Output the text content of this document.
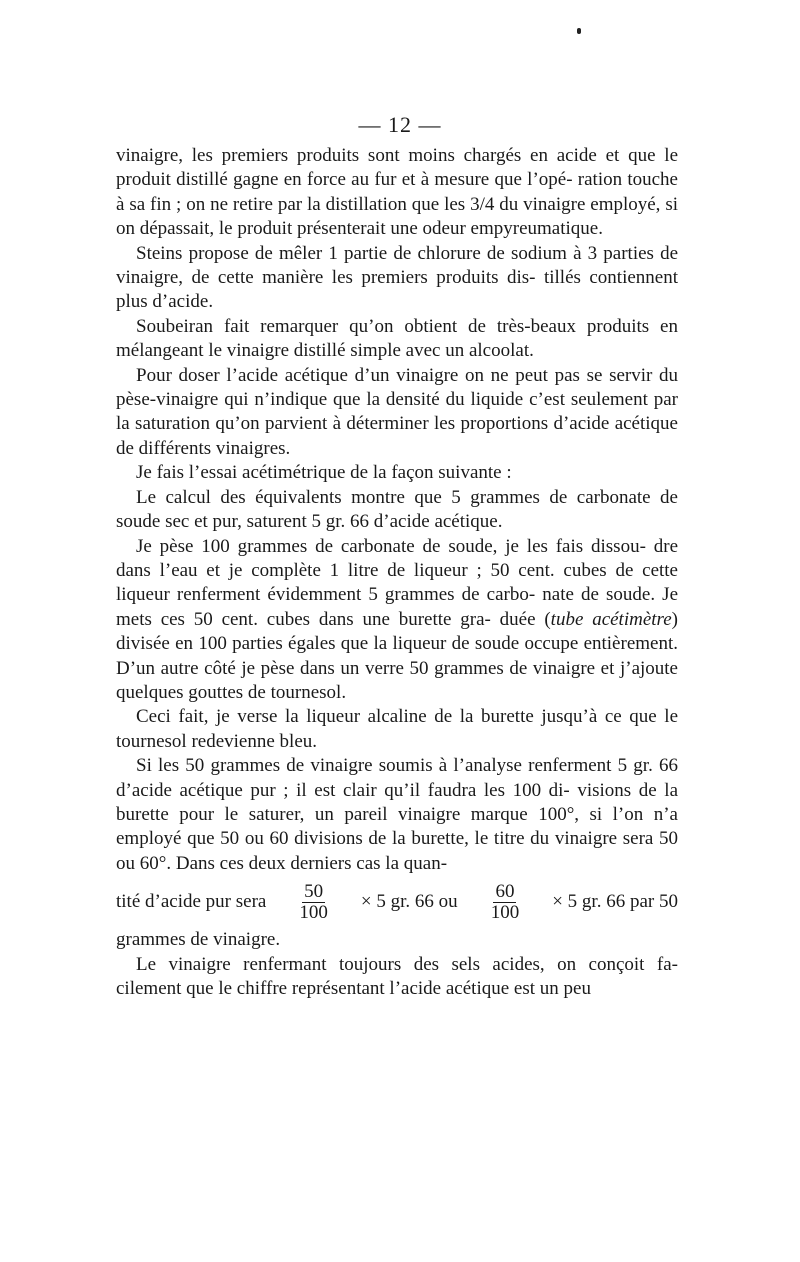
— 12 —

vinaigre, les premiers produits sont moins chargés en acide et que le produit distillé gagne en force au fur et à mesure que l’opé- ration touche à sa fin ; on ne retire par la distillation que les 3/4 du vinaigre employé, si on dépassait, le produit présenterait une odeur empyreumatique.

Steins propose de mêler 1 partie de chlorure de sodium à 3 parties de vinaigre, de cette manière les premiers produits dis- tillés contiennent plus d’acide.

Soubeiran fait remarquer qu’on obtient de très-beaux produits en mélangeant le vinaigre distillé simple avec un alcoolat.

Pour doser l’acide acétique d’un vinaigre on ne peut pas se servir du pèse-vinaigre qui n’indique que la densité du liquide c’est seulement par la saturation qu’on parvient à déterminer les proportions d’acide acétique de différents vinaigres.

Je fais l’essai acétimétrique de la façon suivante :

Le calcul des équivalents montre que 5 grammes de carbonate de soude sec et pur, saturent 5 gr. 66 d’acide acétique.

Je pèse 100 grammes de carbonate de soude, je les fais dissou- dre dans l’eau et je complète 1 litre de liqueur ; 50 cent. cubes de cette liqueur renferment évidemment 5 grammes de carbo- nate de soude. Je mets ces 50 cent. cubes dans une burette gra- duée (tube acétimètre) divisée en 100 parties égales que la liqueur de soude occupe entièrement. D’un autre côté je pèse dans un verre 50 grammes de vinaigre et j’ajoute quelques gouttes de tournesol.

Ceci fait, je verse la liqueur alcaline de la burette jusqu’à ce que le tournesol redevienne bleu.

Si les 50 grammes de vinaigre soumis à l’analyse renferment 5 gr. 66 d’acide acétique pur ; il est clair qu’il faudra les 100 di- visions de la burette pour le saturer, un pareil vinaigre marque 100°, si l’on n’a employé que 50 ou 60 divisions de la burette, le titre du vinaigre sera 50 ou 60°. Dans ces deux derniers cas la quan-

tité d’acide pur sera $\frac{50}{100} \times 5$ gr. 66 ou $\frac{60}{100} \times 5$ gr. 66 par 50

grammes de vinaigre.

Le vinaigre renfermant toujours des sels acides, on conçoit fa- cilement que le chiffre représentant l’acide acétique est un peu
